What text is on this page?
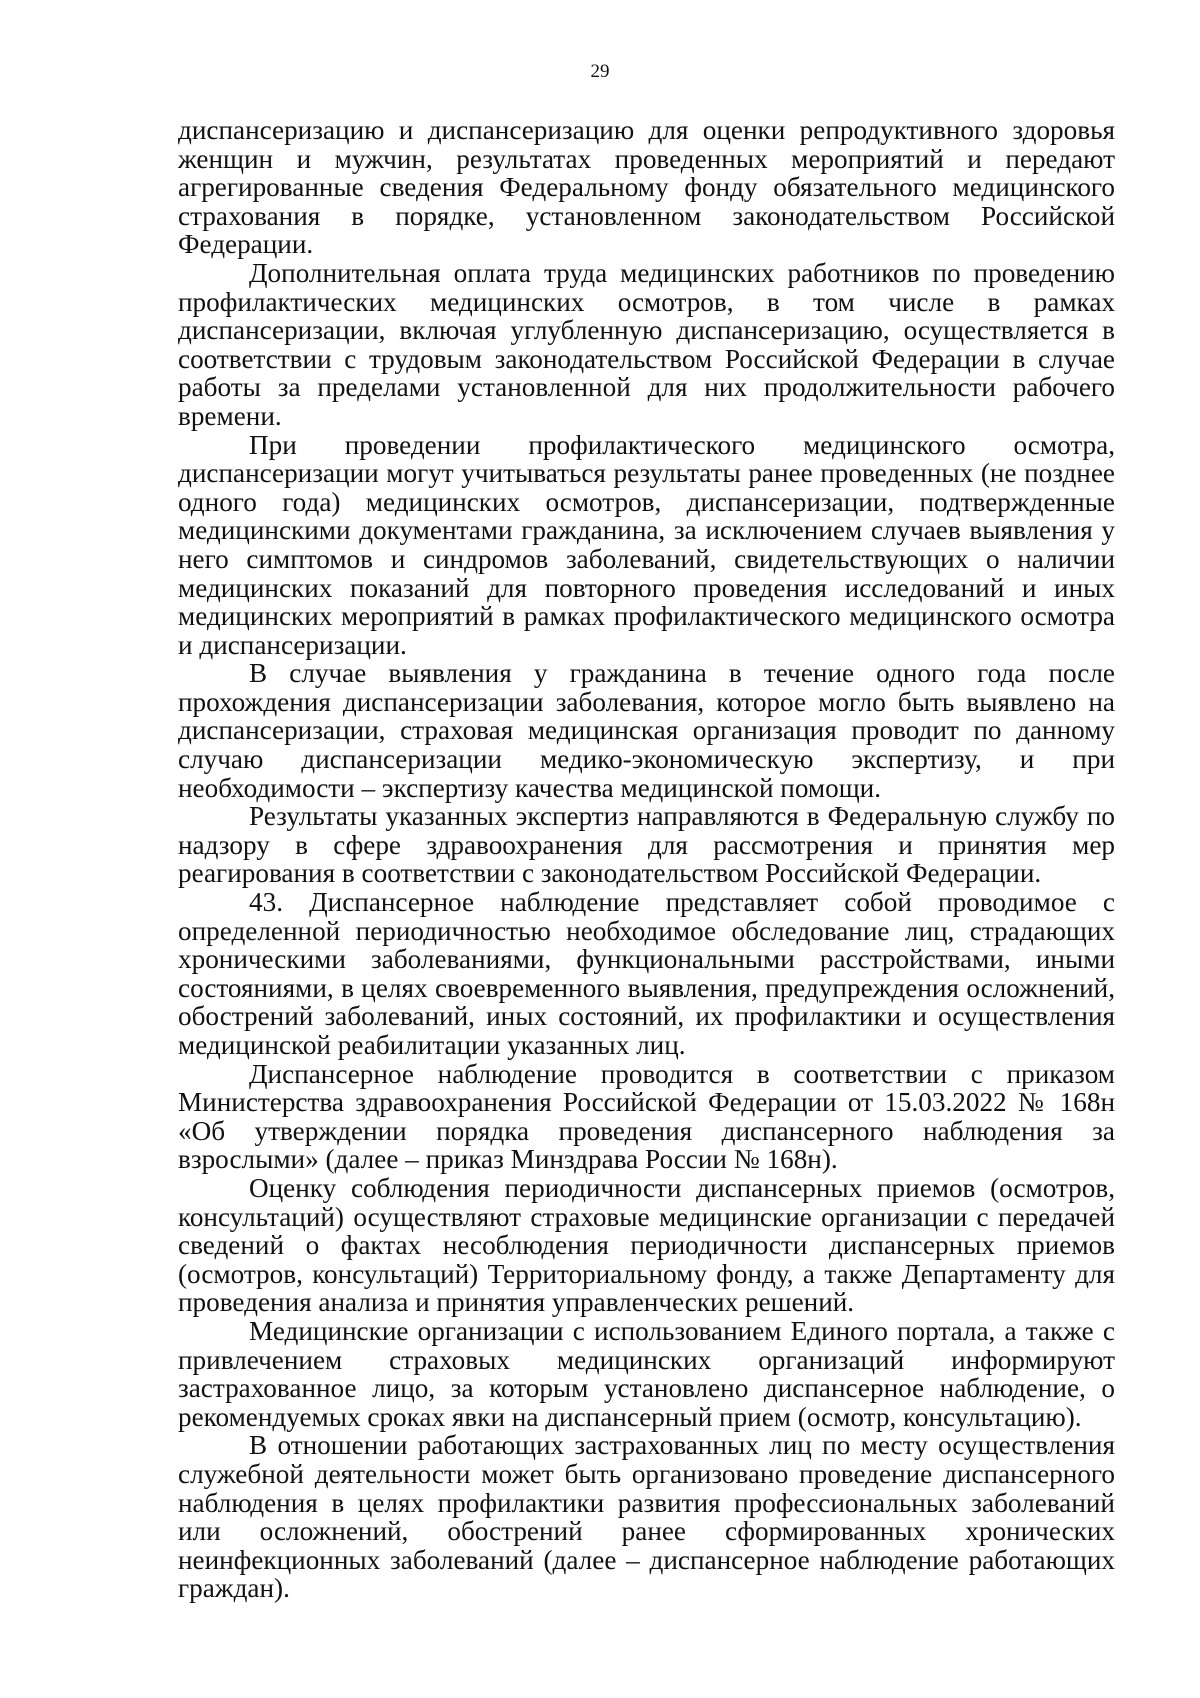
29

диспансеризацию и диспансеризацию для оценки репродуктивного здоровья женщин и мужчин, результатах проведенных мероприятий и передают агрегированные сведения Федеральному фонду обязательного медицинского страхования в порядке, установленном законодательством Российской Федерации.

Дополнительная оплата труда медицинских работников по проведению профилактических медицинских осмотров, в том числе в рамках диспансеризации, включая углубленную диспансеризацию, осуществляется в соответствии с трудовым законодательством Российской Федерации в случае работы за пределами установленной для них продолжительности рабочего времени.

При проведении профилактического медицинского осмотра, диспансеризации могут учитываться результаты ранее проведенных (не позднее одного года) медицинских осмотров, диспансеризации, подтвержденные медицинскими документами гражданина, за исключением случаев выявления у него симптомов и синдромов заболеваний, свидетельствующих о наличии медицинских показаний для повторного проведения исследований и иных медицинских мероприятий в рамках профилактического медицинского осмотра и диспансеризации.

В случае выявления у гражданина в течение одного года после прохождения диспансеризации заболевания, которое могло быть выявлено на диспансеризации, страховая медицинская организация проводит по данному случаю диспансеризации медико-экономическую экспертизу, и при необходимости – экспертизу качества медицинской помощи.

Результаты указанных экспертиз направляются в Федеральную службу по надзору в сфере здравоохранения для рассмотрения и принятия мер реагирования в соответствии с законодательством Российской Федерации.

43. Диспансерное наблюдение представляет собой проводимое с определенной периодичностью необходимое обследование лиц, страдающих хроническими заболеваниями, функциональными расстройствами, иными состояниями, в целях своевременного выявления, предупреждения осложнений, обострений заболеваний, иных состояний, их профилактики и осуществления медицинской реабилитации указанных лиц.

Диспансерное наблюдение проводится в соответствии с приказом Министерства здравоохранения Российской Федерации от 15.03.2022 № 168н «Об утверждении порядка проведения диспансерного наблюдения за взрослыми» (далее – приказ Минздрава России № 168н).

Оценку соблюдения периодичности диспансерных приемов (осмотров, консультаций) осуществляют страховые медицинские организации с передачей сведений о фактах несоблюдения периодичности диспансерных приемов (осмотров, консультаций) Территориальному фонду, а также Департаменту для проведения анализа и принятия управленческих решений.

Медицинские организации с использованием Единого портала, а также с привлечением страховых медицинских организаций информируют застрахованное лицо, за которым установлено диспансерное наблюдение, о рекомендуемых сроках явки на диспансерный прием (осмотр, консультацию).

В отношении работающих застрахованных лиц по месту осуществления служебной деятельности может быть организовано проведение диспансерного наблюдения в целях профилактики развития профессиональных заболеваний или осложнений, обострений ранее сформированных хронических неинфекционных заболеваний (далее – диспансерное наблюдение работающих граждан).
